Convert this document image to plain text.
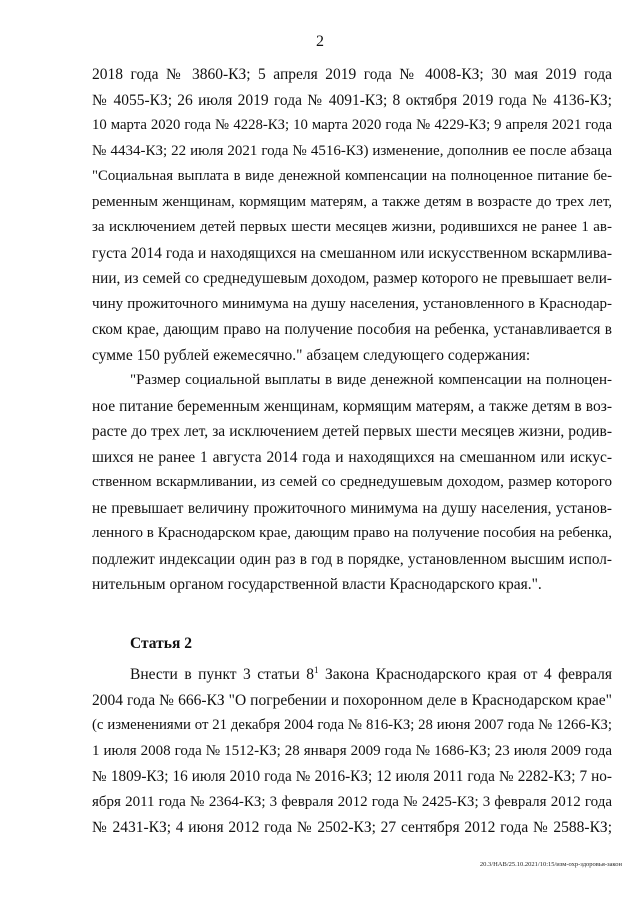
2
2018 года № 3860-КЗ; 5 апреля 2019 года № 4008-КЗ; 30 мая 2019 года
№ 4055-КЗ; 26 июля 2019 года № 4091-КЗ; 8 октября 2019 года № 4136-КЗ;
10 марта 2020 года № 4228-КЗ; 10 марта 2020 года № 4229-КЗ; 9 апреля 2021 года
№ 4434-КЗ; 22 июля 2021 года № 4516-КЗ) изменение, дополнив ее после абзаца
"Социальная выплата в виде денежной компенсации на полноценное питание бе-
ременным женщинам, кормящим матерям, а также детям в возрасте до трех лет,
за исключением детей первых шести месяцев жизни, родившихся не ранее 1 ав-
густа 2014 года и находящихся на смешанном или искусственном вскармлива-
нии, из семей со среднедушевым доходом, размер которого не превышает вели-
чину прожиточного минимума на душу населения, установленного в Краснодар-
ском крае, дающим право на получение пособия на ребенка, устанавливается в
сумме 150 рублей ежемесячно." абзацем следующего содержания:
"Размер социальной выплаты в виде денежной компенсации на полноцен-
ное питание беременным женщинам, кормящим матерям, а также детям в воз-
расте до трех лет, за исключением детей первых шести месяцев жизни, родив-
шихся не ранее 1 августа 2014 года и находящихся на смешанном или искус-
ственном вскармливании, из семей со среднедушевым доходом, размер которого
не превышает величину прожиточного минимума на душу населения, установ-
ленного в Краснодарском крае, дающим право на получение пособия на ребенка,
подлежит индексации один раз в год в порядке, установленном высшим испол-
нительным органом государственной власти Краснодарского края.".
Статья 2
Внести в пункт 3 статьи $8^1$ Закона Краснодарского края от 4 февраля
2004 года № 666-КЗ "О погребении и похоронном деле в Краснодарском крае"
(с изменениями от 21 декабря 2004 года № 816-КЗ; 28 июня 2007 года № 1266-КЗ;
1 июля 2008 года № 1512-КЗ; 28 января 2009 года № 1686-КЗ; 23 июля 2009 года
№ 1809-КЗ; 16 июля 2010 года № 2016-КЗ; 12 июля 2011 года № 2282-КЗ; 7 но-
ября 2011 года № 2364-КЗ; 3 февраля 2012 года № 2425-КЗ; 3 февраля 2012 года
№ 2431-КЗ; 4 июня 2012 года № 2502-КЗ; 27 сентября 2012 года № 2588-КЗ;
20.3/НАВ/25.10.2021/10:15/изм-охр-здоровья-закон
